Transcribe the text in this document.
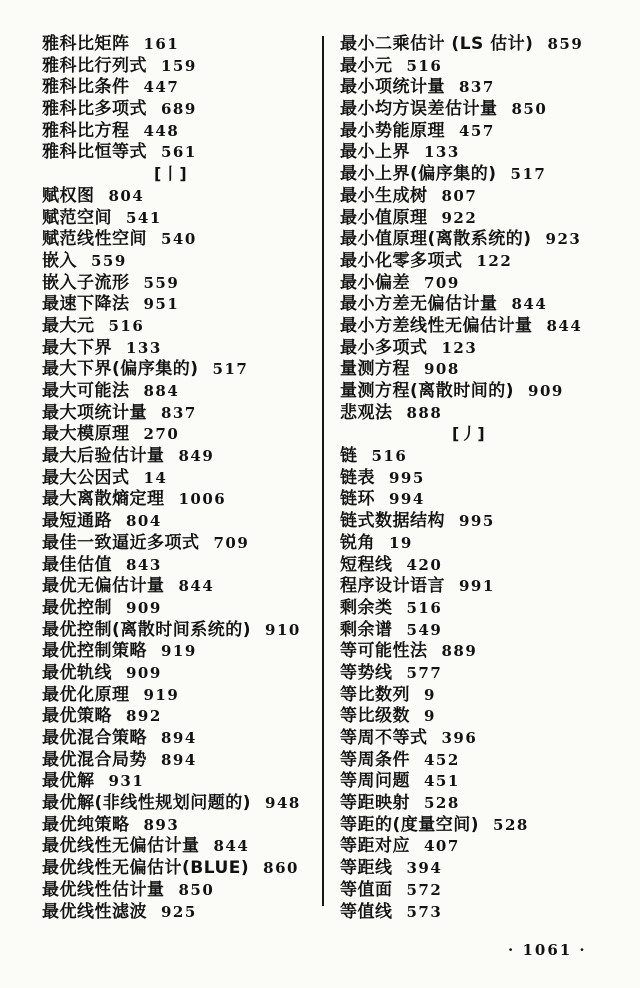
雅科比矩阵 161
雅科比行列式 159
雅科比条件 447
雅科比多项式 689
雅科比方程 448
雅科比恒等式 561
[丨]
赋权图 804
赋范空间 541
赋范线性空间 540
嵌入 559
嵌入子流形 559
最速下降法 951
最大元 516
最大下界 133
最大下界(偏序集的) 517
最大可能法 884
最大项统计量 837
最大模原理 270
最大后验估计量 849
最大公因式 14
最大离散熵定理 1006
最短通路 804
最佳一致逼近多项式 709
最佳估值 843
最优无偏估计量 844
最优控制 909
最优控制(离散时间系统的) 910
最优控制策略 919
最优轨线 909
最优化原理 919
最优策略 892
最优混合策略 894
最优混合局势 894
最优解 931
最优解(非线性规划问题的) 948
最优纯策略 893
最优线性无偏估计量 844
最优线性无偏估计(BLUE) 860
最优线性估计量 850
最优线性滤波 925
最小二乘估计 (LS 估计) 859
最小元 516
最小项统计量 837
最小均方误差估计量 850
最小势能原理 457
最小上界 133
最小上界(偏序集的) 517
最小生成树 807
最小值原理 922
最小值原理(离散系统的) 923
最小化零多项式 122
最小偏差 709
最小方差无偏估计量 844
最小方差线性无偏估计量 844
最小多项式 123
量测方程 908
量测方程(离散时间的) 909
悲观法 888
[丿]
链 516
链表 995
链环 994
链式数据结构 995
锐角 19
短程线 420
程序设计语言 991
剩余类 516
剩余谱 549
等可能性法 889
等势线 577
等比数列 9
等比级数 9
等周不等式 396
等周条件 452
等周问题 451
等距映射 528
等距的(度量空间) 528
等距对应 407
等距线 394
等值面 572
等值线 573
· 1061 ·
